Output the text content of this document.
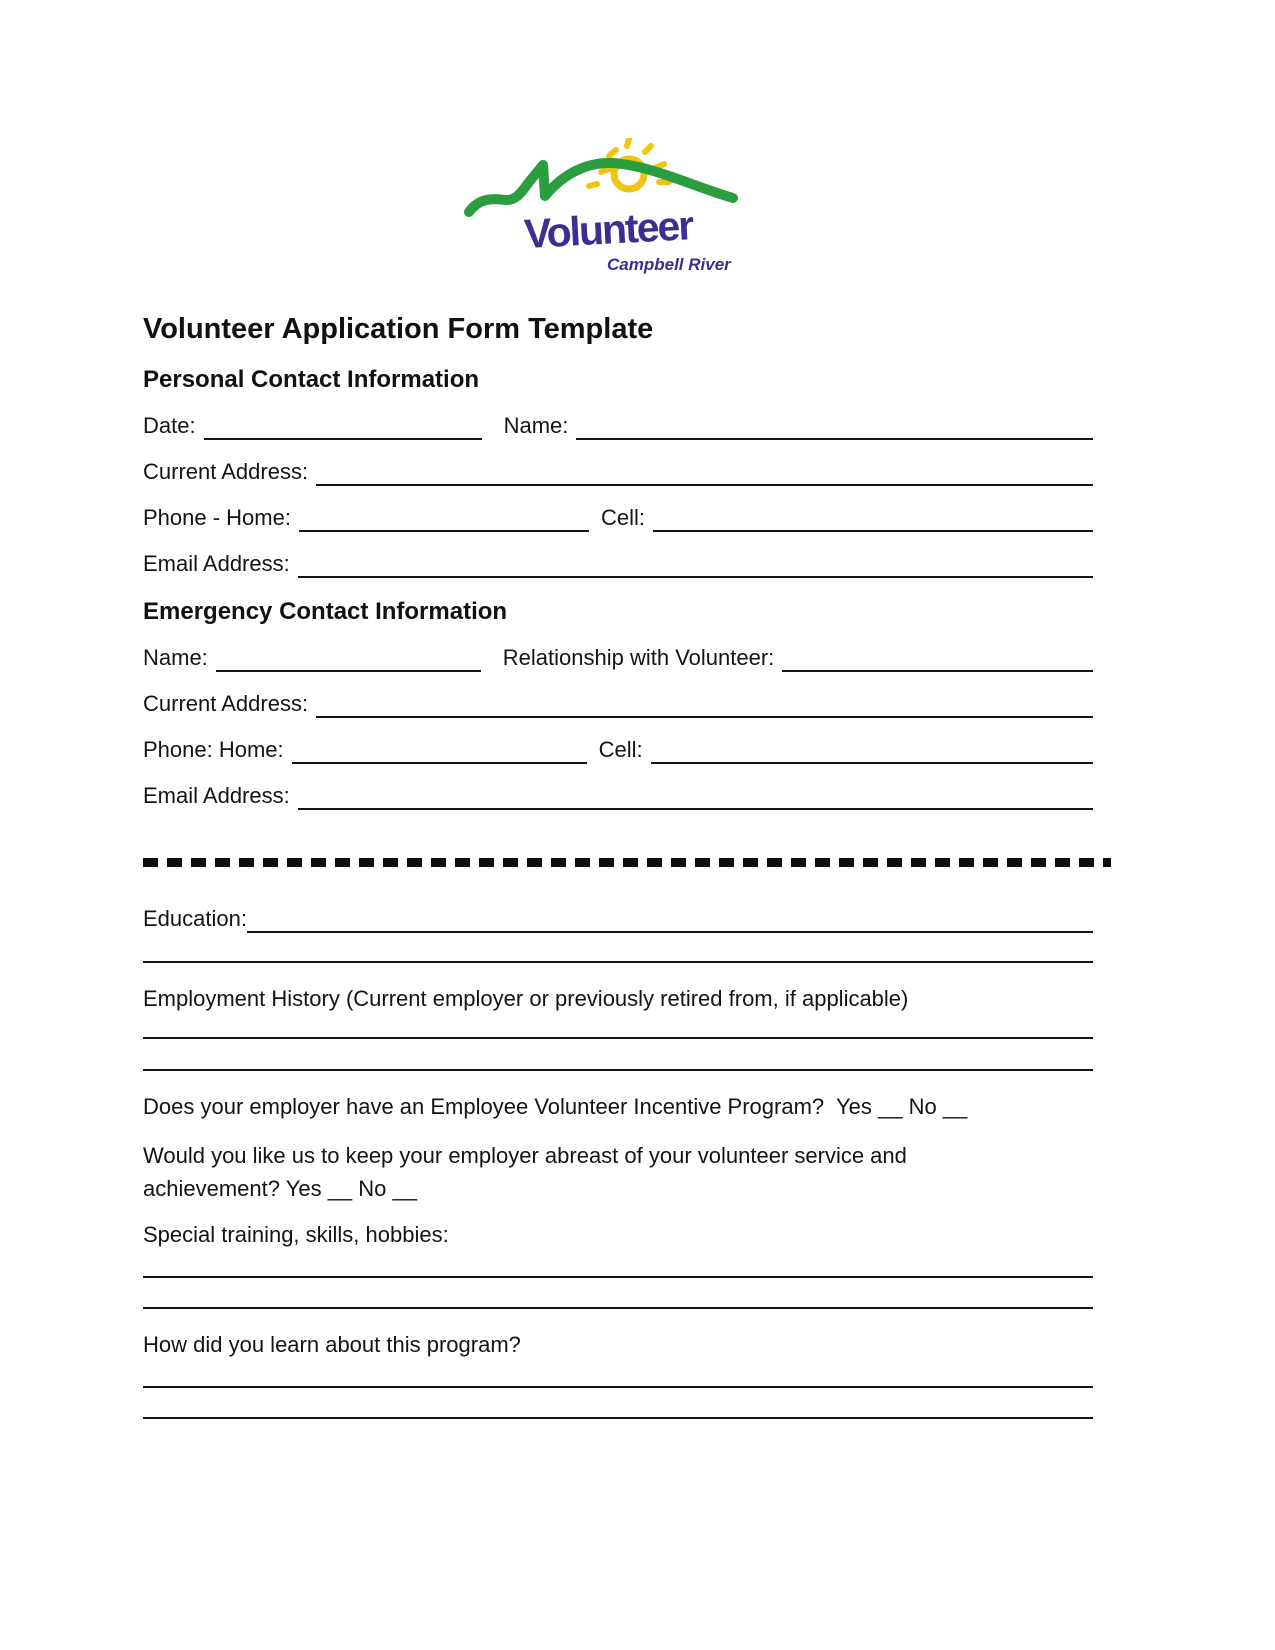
Volunteer
Campbell River
Volunteer Application Form Template
Personal Contact Information
Date:	Name:
Current Address:
Phone - Home:	Cell:
Email Address:
Emergency Contact Information
Name:	Relationship with Volunteer:
Current Address:
Phone: Home:	Cell:
Email Address:
Education:

Employment History (Current employer or previously retired from, if applicable)

Does your employer have an Employee Volunteer Incentive Program?  Yes __ No __

Would you like us to keep your employer abreast of your volunteer service and
achievement? Yes __ No __

Special training, skills, hobbies:

How did you learn about this program?
